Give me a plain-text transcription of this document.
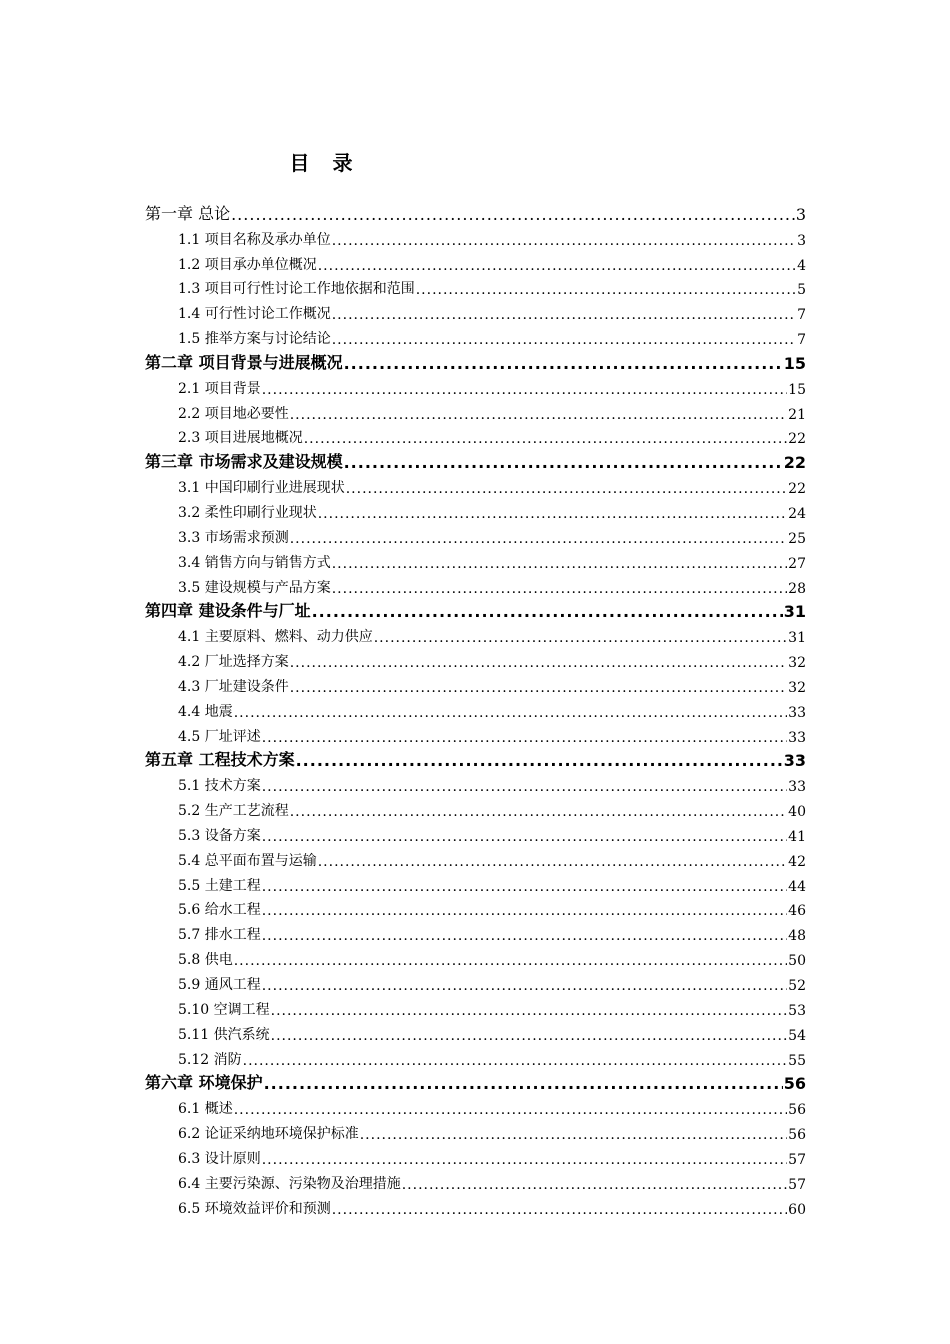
目 录
第一章 总论 .....	3
1.1 项目名称及承办单位 .....	3
1.2 项目承办单位概况 .....	4
1.3 项目可行性讨论工作地依据和范围 .....	5
1.4 可行性讨论工作概况 .....	7
1.5 推举方案与讨论结论 .....	7
第二章 项目背景与进展概况 .....	15
2.1 项目背景 .....	15
2.2 项目地必要性 .....	21
2.3 项目进展地概况 .....	22
第三章 市场需求及建设规模 .....	22
3.1 中国印刷行业进展现状 .....	22
3.2 柔性印刷行业现状 .....	24
3.3 市场需求预测 .....	25
3.4 销售方向与销售方式 .....	27
3.5 建设规模与产品方案 .....	28
第四章 建设条件与厂址 .....	31
4.1 主要原料、燃料、动力供应 .....	31
4.2 厂址选择方案 .....	32
4.3 厂址建设条件 .....	32
4.4 地震 .....	33
4.5 厂址评述 .....	33
第五章 工程技术方案 .....	33
5.1 技术方案 .....	33
5.2 生产工艺流程 .....	40
5.3 设备方案 .....	41
5.4 总平面布置与运输 .....	42
5.5 土建工程 .....	44
5.6 给水工程 .....	46
5.7 排水工程 .....	48
5.8 供电 .....	50
5.9 通风工程 .....	52
5.10 空调工程 .....	53
5.11 供汽系统 .....	54
5.12 消防 .....	55
第六章 环境保护 .....	56
6.1 概述 .....	56
6.2 论证采纳地环境保护标准 .....	56
6.3 设计原则 .....	57
6.4 主要污染源、污染物及治理措施 .....	57
6.5 环境效益评价和预测 .....	60
